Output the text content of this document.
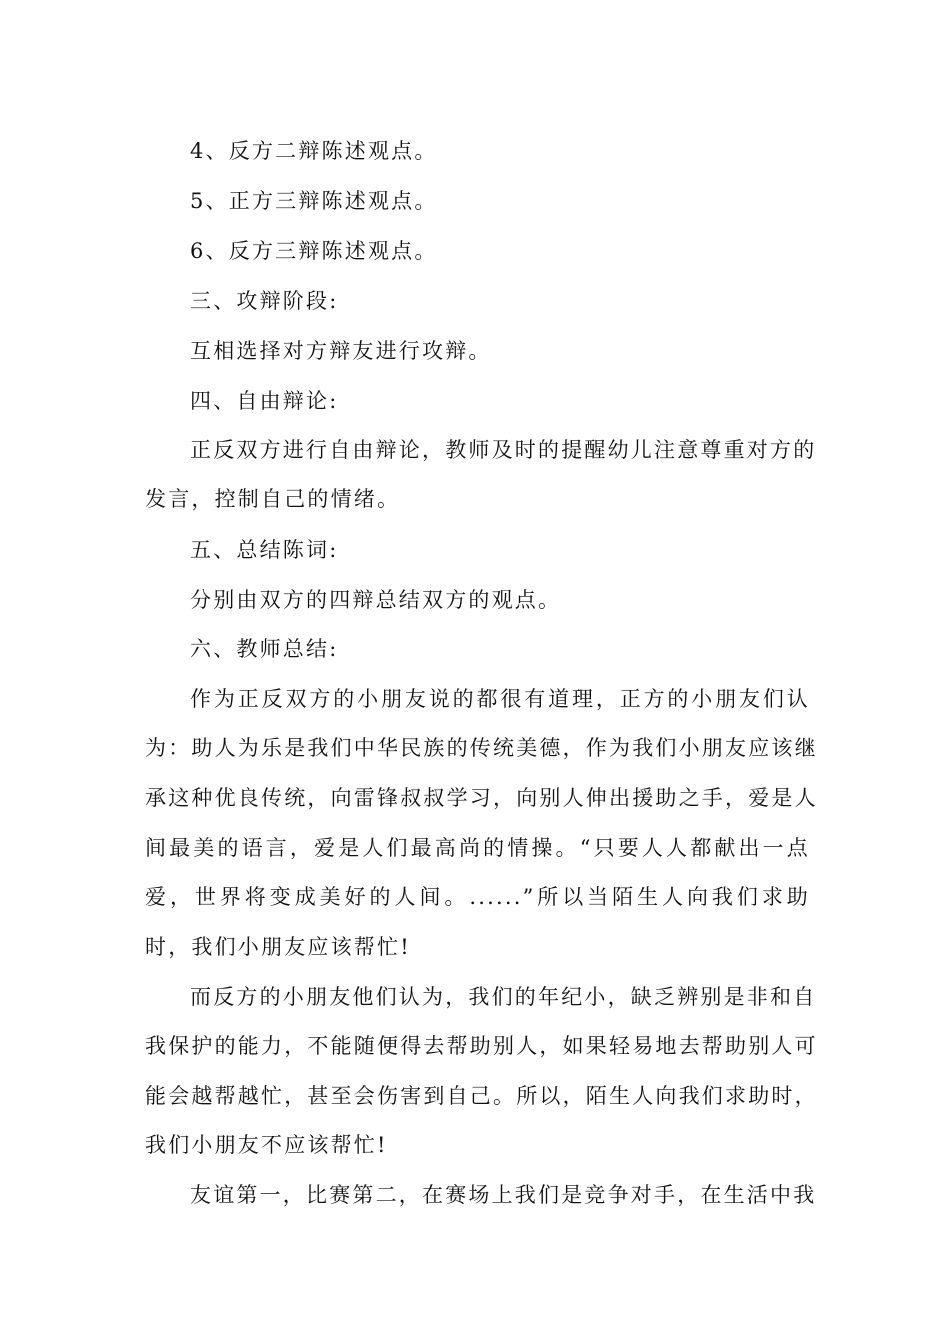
4、反方二辩陈述观点。
5、正方三辩陈述观点。
6、反方三辩陈述观点。
三、攻辩阶段:
互相选择对方辩友进行攻辩。
四、自由辩论:
正反双方进行自由辩论，教师及时的提醒幼儿注意尊重对方的
发言，控制自己的情绪。
五、总结陈词:
分别由双方的四辩总结双方的观点。
六、教师总结:
作为正反双方的小朋友说的都很有道理，正方的小朋友们认
为：助人为乐是我们中华民族的传统美德，作为我们小朋友应该继
承这种优良传统，向雷锋叔叔学习，向别人伸出援助之手，爱是人
间最美的语言，爱是人们最高尚的情操。“只要人人都献出一点
爱，世界将变成美好的人间。......”所以当陌生人向我们求助
时，我们小朋友应该帮忙!
而反方的小朋友他们认为，我们的年纪小，缺乏辨别是非和自
我保护的能力，不能随便得去帮助别人，如果轻易地去帮助别人可
能会越帮越忙，甚至会伤害到自己。所以，陌生人向我们求助时，
我们小朋友不应该帮忙!
友谊第一，比赛第二，在赛场上我们是竞争对手，在生活中我
